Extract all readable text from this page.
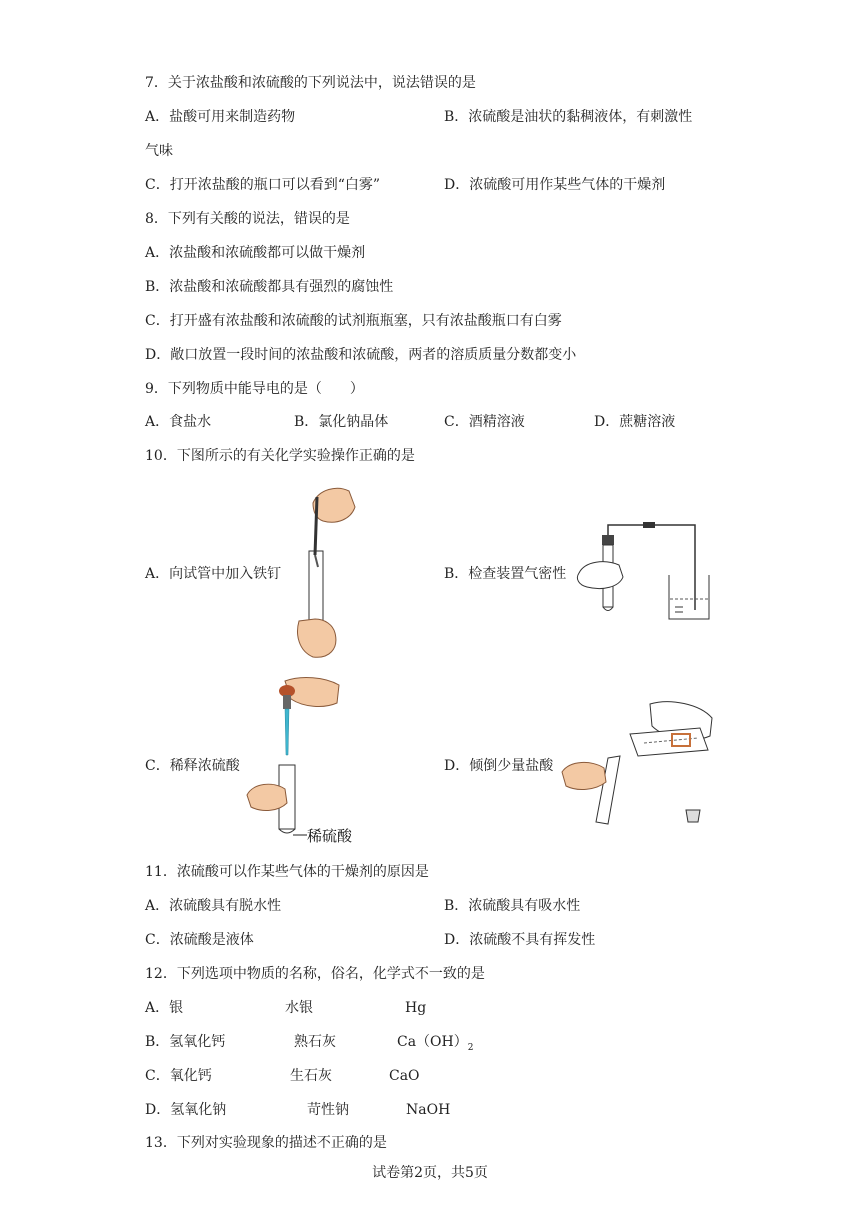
7．关于浓盐酸和浓硫酸的下列说法中，说法错误的是
A．盐酸可用来制造药物	B．浓硫酸是油状的黏稠液体，有刺激性
气味
C．打开浓盐酸的瓶口可以看到“白雾”	D．浓硫酸可用作某些气体的干燥剂
8．下列有关酸的说法，错误的是
A．浓盐酸和浓硫酸都可以做干燥剂
B．浓盐酸和浓硫酸都具有强烈的腐蚀性
C．打开盛有浓盐酸和浓硫酸的试剂瓶瓶塞，只有浓盐酸瓶口有白雾
D．敞口放置一段时间的浓盐酸和浓硫酸，两者的溶质质量分数都变小
9．下列物质中能导电的是（　　）
A．食盐水	B．氯化钠晶体	C．酒精溶液	D．蔗糖溶液
10．下图所示的有关化学实验操作正确的是
A．向试管中加入铁钉	B．检查装置气密性
C．稀释浓硫酸	D．倾倒少量盐酸
稀硫酸
11．浓硫酸可以作某些气体的干燥剂的原因是
A．浓硫酸具有脱水性	B．浓硫酸具有吸水性
C．浓硫酸是液体	D．浓硫酸不具有挥发性
12．下列选项中物质的名称，俗名，化学式不一致的是
A．银	水银	Hg
B．氢氧化钙	熟石灰	$Ca(OH)_2$
C．氧化钙	生石灰	CaO
D．氢氧化钠	苛性钠	NaOH
13．下列对实验现象的描述不正确的是
试卷第2页，共5页
